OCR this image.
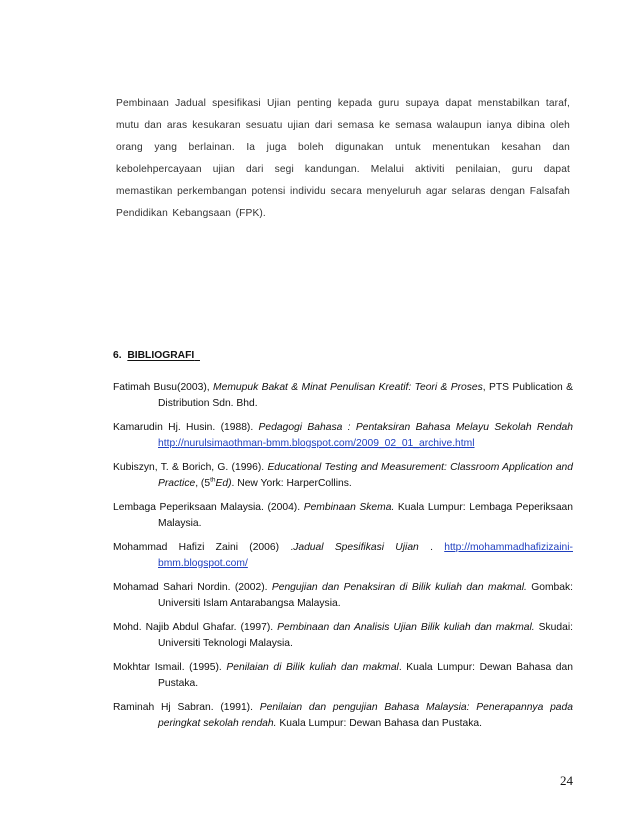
Pembinaan Jadual spesifikasi Ujian penting kepada guru supaya dapat menstabilkan taraf, mutu dan aras kesukaran sesuatu ujian dari semasa ke semasa walaupun ianya dibina oleh orang yang berlainan. Ia juga boleh digunakan untuk menentukan kesahan dan kebolehpercayaan ujian dari segi kandungan. Melalui aktiviti penilaian, guru dapat memastikan perkembangan potensi individu secara menyeluruh agar selaras dengan Falsafah Pendidikan Kebangsaan (FPK).

6. BIBLIOGRAFI

Fatimah Busu(2003), Memupuk Bakat & Minat Penulisan Kreatif: Teori & Proses, PTS Publication & Distribution Sdn. Bhd.

Kamarudin Hj. Husin. (1988). Pedagogi Bahasa : Pentaksiran Bahasa Melayu Sekolah Rendah http://nurulsimaothman-bmm.blogspot.com/2009_02_01_archive.html

Kubiszyn, T. & Borich, G. (1996). Educational Testing and Measurement: Classroom Application and Practice, (5thEd). New York: HarperCollins.

Lembaga Peperiksaan Malaysia. (2004). Pembinaan Skema. Kuala Lumpur: Lembaga Peperiksaan Malaysia.

Mohammad Hafizi Zaini (2006) .Jadual Spesifikasi Ujian . http://mohammadhafizizaini-bmm.blogspot.com/

Mohamad Sahari Nordin. (2002). Pengujian dan Penaksiran di Bilik kuliah dan makmal. Gombak: Universiti Islam Antarabangsa Malaysia.

Mohd. Najib Abdul Ghafar. (1997). Pembinaan dan Analisis Ujian Bilik kuliah dan makmal. Skudai: Universiti Teknologi Malaysia.

Mokhtar Ismail. (1995). Penilaian di Bilik kuliah dan makmal. Kuala Lumpur: Dewan Bahasa dan Pustaka.

Raminah Hj Sabran. (1991). Penilaian dan pengujian Bahasa Malaysia: Penerapannya pada peringkat sekolah rendah. Kuala Lumpur: Dewan Bahasa dan Pustaka.

24
